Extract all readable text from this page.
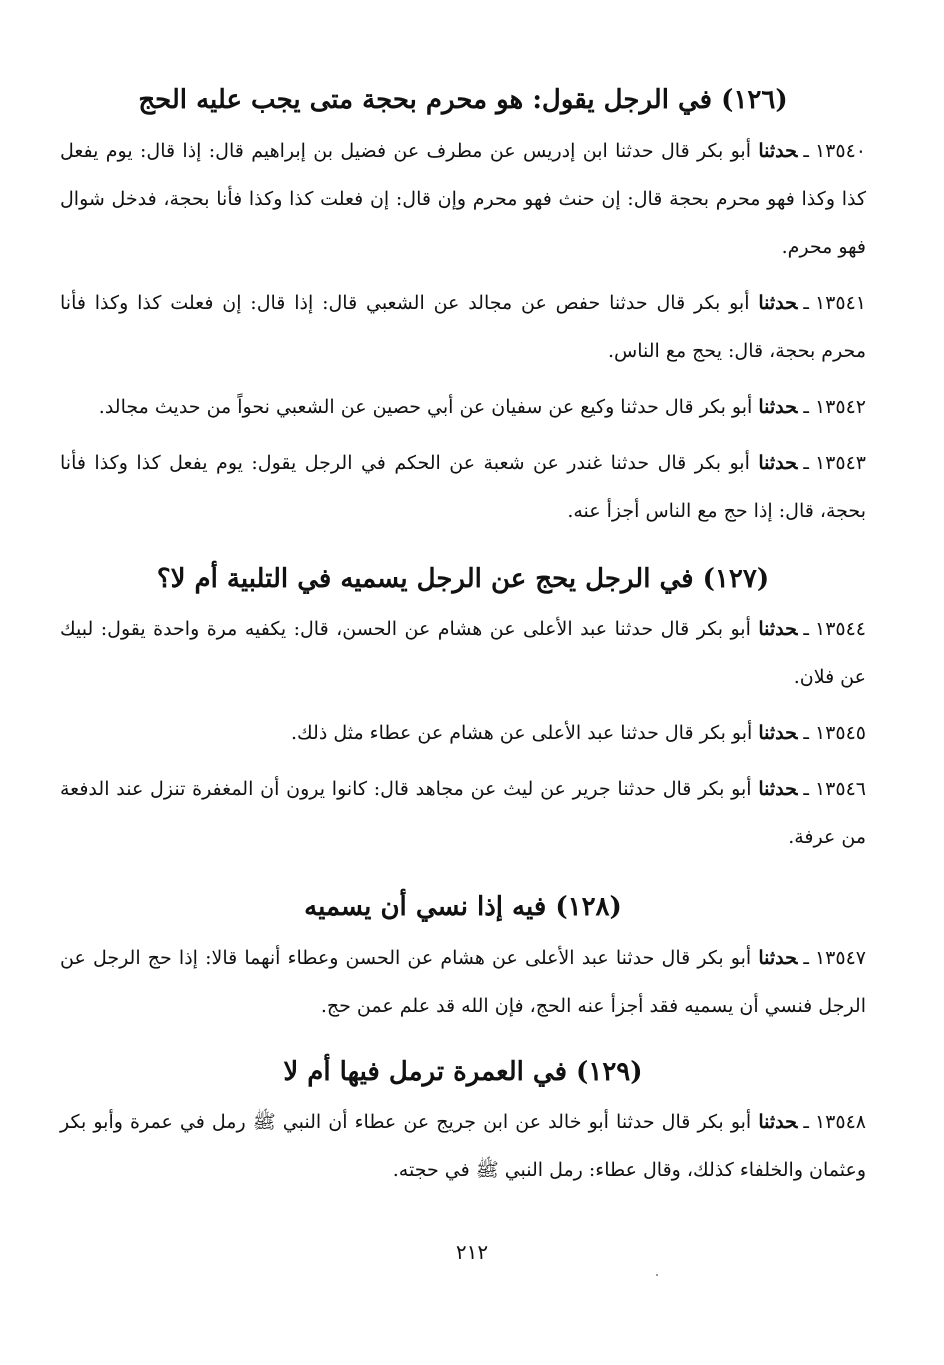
(١٢٦) في الرجل يقول: هو محرم بحجة متى يجب عليه الحج

١٣٥٤٠ـحدثنا أبو بكر قال حدثنا ابن إدريس عن مطرف عن فضيل بن إبراهيم قال: إذا قال: يوم يفعل كذا وكذا فهو محرم بحجة قال: إن حنث فهو محرم وإن قال: إن فعلت كذا وكذا فأنا بحجة، فدخل شوال فهو محرم.

١٣٥٤١ـحدثنا أبو بكر قال حدثنا حفص عن مجالد عن الشعبي قال: إذا قال: إن فعلت كذا وكذا فأنا محرم بحجة، قال: يحج مع الناس.

١٣٥٤٢ـحدثنا أبو بكر قال حدثنا وكيع عن سفيان عن أبي حصين عن الشعبي نحواً من حديث مجالد.

١٣٥٤٣ـحدثنا أبو بكر قال حدثنا غندر عن شعبة عن الحكم في الرجل يقول: يوم يفعل كذا وكذا فأنا بحجة، قال: إذا حج مع الناس أجزأ عنه.

(١٢٧) في الرجل يحج عن الرجل يسميه في التلبية أم لا؟

١٣٥٤٤ـحدثنا أبو بكر قال حدثنا عبد الأعلى عن هشام عن الحسن، قال: يكفيه مرة واحدة يقول: لبيك عن فلان.

١٣٥٤٥ـحدثنا أبو بكر قال حدثنا عبد الأعلى عن هشام عن عطاء مثل ذلك.

١٣٥٤٦ـحدثنا أبو بكر قال حدثنا جرير عن ليث عن مجاهد قال: كانوا يرون أن المغفرة تنزل عند الدفعة من عرفة.

(١٢٨) فيه إذا نسي أن يسميه

١٣٥٤٧ـحدثنا أبو بكر قال حدثنا عبد الأعلى عن هشام عن الحسن وعطاء أنهما قالا: إذا حج الرجل عن الرجل فنسي أن يسميه فقد أجزأ عنه الحج، فإن الله قد علم عمن حج.

(١٢٩) في العمرة ترمل فيها أم لا

١٣٥٤٨ـحدثنا أبو بكر قال حدثنا أبو خالد عن ابن جريج عن عطاء أن النبي ﷺ رمل في عمرة وأبو بكر وعثمان والخلفاء كذلك، وقال عطاء: رمل النبي ﷺ في حجته.

٢١٢
